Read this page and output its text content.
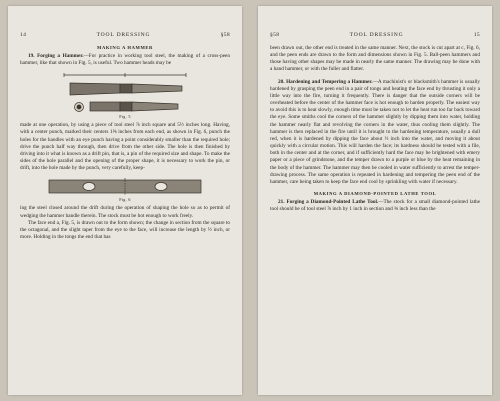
14	TOOL DRESSING	§58
MAKING A HAMMER

19. Forging a Hammer.—For practice in working tool steel, the making of a cross-peen hammer, like that shown in Fig. 5, is useful. Two hammer heads may be

Fig. 5

made at one operation, by using a piece of tool steel ⅞ inch square and 5½ inches long. Having, with a center punch, marked their centers 1⅝ inches from each end, as shown in Fig. 6, punch the holes for the handles with an eye punch having a point considerably smaller than the required hole; drive the punch half way through, then drive from the other side. The hole is then finished by driving into it what is known as a drift pin, that is, a pin of the required size and shape. To make the sides of the hole parallel and the opening of the proper shape, it is necessary to work the pin, or drift, into the hole made by the punch, very carefully, keep-

Fig. 6

ing the steel closed around the drift during the operation of shaping the hole so as to permit of wedging the hammer handle therein. The stock must be hot enough to work freely.

The face end a, Fig. 5, is drawn out to the form shown; the change in section from the square to the octagonal, and the slight taper from the eye to the face, will increase the length by ½ inch, or more. Holding in the tongs the end that has

§58	TOOL DRESSING	15

been drawn out, the other end is treated in the same manner. Next, the stock is cut apart at c, Fig. 6, and the peen ends are drawn to the form and dimensions shown in Fig. 5. Ball-peen hammers and those having other shapes may be made in nearly the same manner. The drawing may be done with a hand hammer, or with the fuller and flatter.

20. Hardening and Tempering a Hammer.—A machinist's or blacksmith's hammer is usually hardened by grasping the peen end in a pair of tongs and heating the face end by thrusting it only a little way into the fire, turning it frequently. There is danger that the outside corners will be overheated before the center of the hammer face is hot enough to harden properly. The easiest way to avoid this is to heat slowly, enough time must be taken not to let the heat run too far back toward the eye. Some smiths cool the corners of the hammer slightly by dipping them into water, holding the hammer nearly flat and revolving the corners in the water, thus cooling them slightly. The hammer is then replaced in the fire until it is brought to the hardening temperature, usually a dull red, when it is hardened by dipping the face about ½ inch into the water, and moving it about quickly with a circular motion. This will harden the face; its hardness should be tested with a file, both in the center and at the corner, and if sufficiently hard the face may be brightened with emery paper or a piece of grindstone, and the temper drawn to a purple or blue by the heat remaining in the body of the hammer. The hammer may then be cooled in water sufficiently to arrest the temper-drawing process. The same operation is repeated in hardening and tempering the peen end of the hammer, care being taken to keep the face end cool by sprinkling with water if necessary.

MAKING A DIAMOND-POINTED LATHE TOOL

21. Forging a Diamond-Pointed Lathe Tool.—The stock for a small diamond-pointed lathe tool should be of tool steel ⅞ inch by 1 inch in section and ⅜ inch less than the
